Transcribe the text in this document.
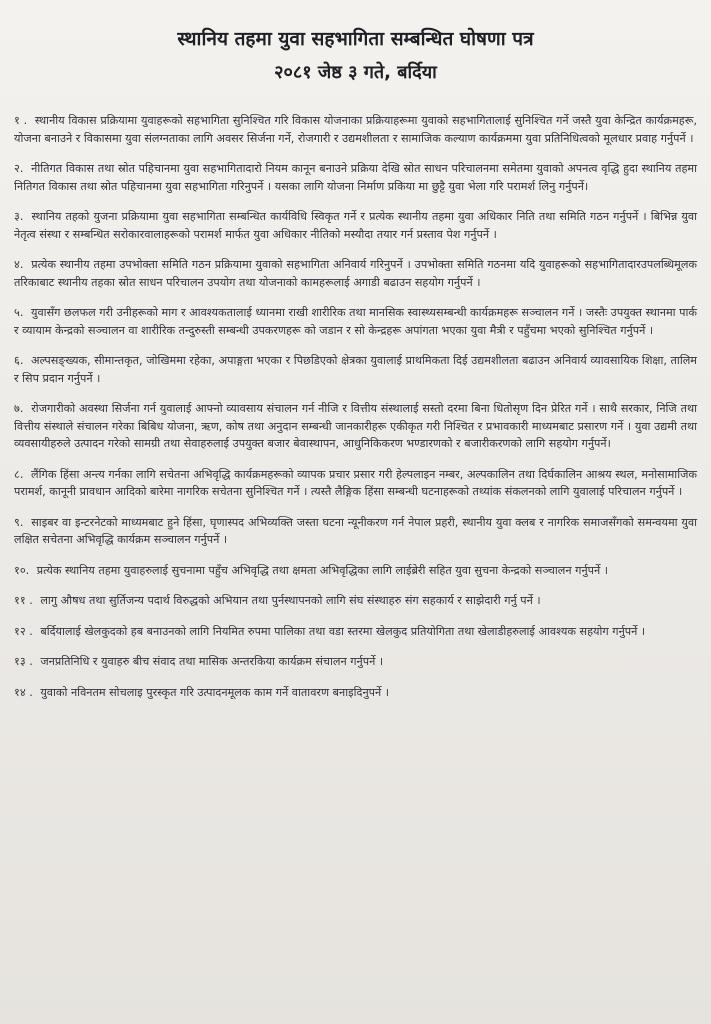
स्थानिय तहमा युवा सहभागिता सम्बन्धित घोषणा पत्र
२०८१ जेष्ठ ३ गते, बर्दिया
१ . स्थानीय विकास प्रक्रियामा युवाहरूको सहभागिता सुनिश्चित गरि विकास योजनाका प्रक्रियाहरूमा युवाको सहभागितालाई सुनिश्चित गर्ने जस्तै युवा केन्द्रित कार्यक्रमहरू, योजना बनाउने र विकासमा युवा संलग्नताका लागि अवसर सिर्जना गर्ने, रोजगारी र उद्यमशीलता र सामाजिक कल्याण कार्यक्रममा युवा प्रतिनिधित्वको मूलधार प्रवाह गर्नुपर्ने ।
२. नीतिगत विकास तथा स्रोत पहिचानमा युवा सहभागितादारो नियम कानून बनाउने प्रक्रिया देखि स्रोत साधन परिचालनमा समेतमा युवाको अपनत्व वृद्धि हुदा स्थानिय तहमा नितिगत विकास तथा स्रोत पहिचानमा युवा सहभागिता गरिनुपर्ने । यसका लागि योजना निर्माण प्रकिया मा छुट्टै युवा भेला गरि परामर्श लिनु गर्नुपर्ने।
३. स्थानिय तहको युजना प्रक्रियामा युवा सहभागिता सम्बन्धित कार्यविधि स्विकृत गर्ने र प्रत्येक स्थानीय तहमा युवा अधिकार निति तथा समिति गठन गर्नुपर्ने । बिभिन्न युवा नेतृत्व संस्था र सम्बन्धित सरोकारवालाहरूको परामर्श मार्फत युवा अधिकार नीतिको मस्यौदा तयार गर्न प्रस्ताव पेश गर्नुपर्ने ।
४. प्रत्येक स्थानीय तहमा उपभोक्ता समिति गठन प्रक्रियामा युवाको सहभागिता अनिवार्य गरिनुपर्ने । उपभोक्ता समिति गठनमा यदि युवाहरूको सहभागितादारउपलब्धिमूलक तरिकाबाट स्थानीय तहका स्रोत साधन परिचालन उपयोग तथा योजनाको कामहरूलाई अगाडी बढाउन सहयोग गर्नुपर्ने ।
५. युवासँग छलफल गरी उनीहरूको माग र आवश्यकतालाई ध्यानमा राखी शारीरिक तथा मानसिक स्वास्थ्यसम्बन्धी कार्यक्रमहरू सञ्चालन गर्ने । जस्तैः उपयुक्त स्थानमा पार्क र व्यायाम केन्द्रको सञ्चालन वा शारीरिक तन्दुरुस्ती सम्बन्धी उपकरणहरू को जडान र सो केन्द्रहरू अपांगता भएका युवा मैत्री र पहुँचमा भएको सुनिश्चित गर्नुपर्ने ।
६. अल्पसङ्ख्यक, सीमान्तकृत, जोखिममा रहेका, अपाङ्गता भएका र पिछडिएको क्षेत्रका युवालाई प्राथमिकता दिई उद्यमशीलता बढाउन अनिवार्य व्यावसायिक शिक्षा, तालिम र सिप प्रदान गर्नुपर्ने ।
७. रोजगारीको अवस्था सिर्जना गर्न युवालाई आफ्नो व्यावसाय संचालन गर्न नीजि र वित्तीय संस्थालाई सस्तो दरमा बिना धितोसृण दिन प्रेरित गर्ने । साथै सरकार, निजि तथा वित्तीय संस्थाले संचालन गरेका बिबिध योजना, ऋण, कोष तथा अनुदान सम्बन्धी जानकारीहरू एकीकृत गरी निश्चित र प्रभावकारी माध्यमबाट प्रसारण गर्ने । युवा उद्यमी तथा व्यवसायीहरुले उत्पादन गरेको सामग्री तथा सेवाहरुलाई उपयुक्त बजार बेवास्थापन, आधुनिकिकरण भण्डारणको र बजारीकरणको लागि सहयोग गर्नुपर्ने।
८. लैंगिक हिंसा अन्त्य गर्नका लागि सचेतना अभिवृद्धि कार्यक्रमहरूको व्यापक प्रचार प्रसार गरी हेल्पलाइन नम्बर, अल्पकालिन तथा दिर्घकालिन आश्रय स्थल, मनोसामाजिक परामर्श, कानूनी प्रावधान आदिको बारेमा नागरिक सचेतना सुनिश्चित गर्ने । त्यस्तै लैङ्गिक हिंसा सम्बन्धी घटनाहरूको तथ्यांक संकलनको लागि युवालाई परिचालन गर्नुपर्ने ।
९. साइबर वा इन्टरनेटको माध्यमबाट हुने हिंसा, घृणास्पद अभिव्यक्ति जस्ता घटना न्यूनीकरण गर्न नेपाल प्रहरी, स्थानीय युवा क्लब र नागरिक समाजसँगको समन्वयमा युवा लक्षित सचेतना अभिवृद्धि कार्यक्रम सञ्चालन गर्नुपर्ने ।
१०. प्रत्येक स्थानिय तहमा युवाहरुलाई सुचनामा पहुँच अभिवृद्धि तथा क्षमता अभिवृद्धिका लागि लाईब्रेरी सहित युवा सुचना केन्द्रको सञ्चालन गर्नुपर्ने ।
११ . लागु औषध तथा सुर्तिजन्य पदार्थ विरुद्धको अभियान तथा पुर्नस्थापनको लागि संघ संस्थाहरु संग सहकार्य र साझेदारी गर्नु पर्ने ।
१२ . बर्दियालाई खेलकुदको हब बनाउनको लागि नियमित रुपमा पालिका तथा वडा स्तरमा खेलकुद प्रतियोगिता तथा खेलाडीहरुलाई आवश्यक सहयोग गर्नुपर्ने ।
१३ . जनप्रतिनिधि र युवाहरु बीच संवाद तथा मासिक अन्तरकिया कार्यक्रम संचालन गर्नुपर्ने ।
१४ . युवाको नविनतम सोचलाइ पुरस्कृत गरि उत्पादनमूलक काम गर्ने वातावरण बनाइदिनुपर्ने ।
